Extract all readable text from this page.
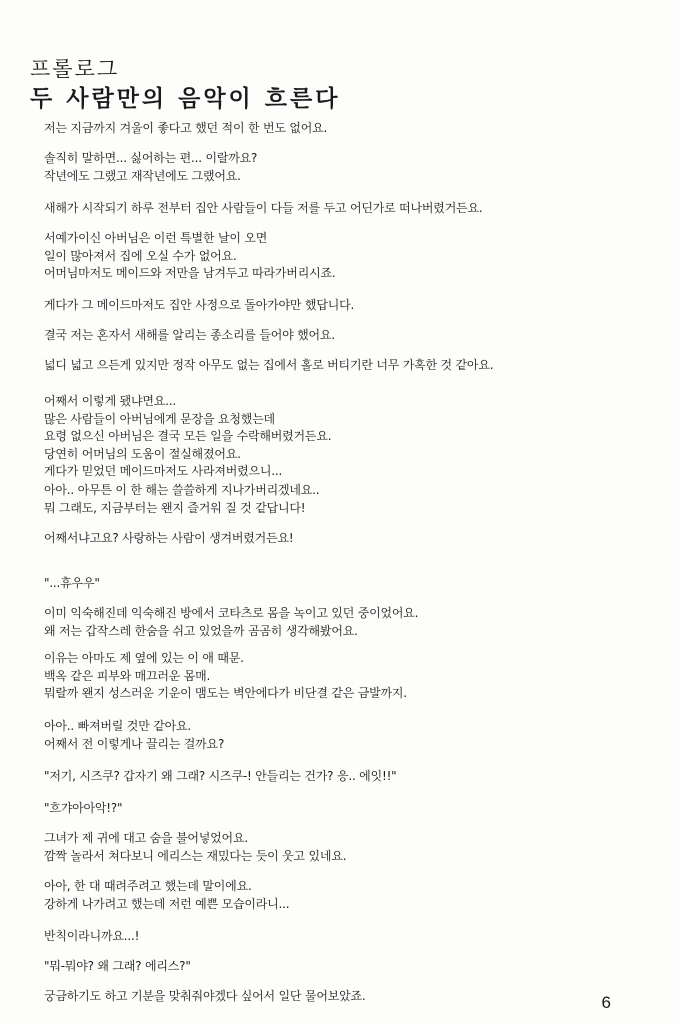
프롤로그
두 사람만의 음악이 흐른다
저는 지금까지 겨울이 좋다고 했던 적이 한 번도 없어요.
솔직히 말하면... 싫어하는 편... 이랄까요?
작년에도 그랬고 재작년에도 그랬어요.
새해가 시작되기 하루 전부터 집안 사람들이 다들 저를 두고 어딘가로 떠나버렸거든요.
서예가이신 아버님은 이런 특별한 날이 오면
일이 많아져서 집에 오실 수가 없어요.
어머님마저도 메이드와 저만을 남겨두고 따라가버리시죠.
게다가 그 메이드마저도 집안 사정으로 돌아가야만 했답니다.
결국 저는 혼자서 새해를 알리는 종소리를 들어야 했어요.
넓디 넓고 으든게 있지만 정작 아무도 없는 집에서 홀로 버티기란 너무 가혹한 것 같아요.
어째서 이렇게 됐냐면요...
많은 사람들이 아버님에게 문장을 요청했는데
요령 없으신 아버님은 결국 모든 일을 수락해버렸거든요.
당연히 어머님의 도움이 절실해졌어요.
게다가 믿었던 메이드마저도 사라져버렸으니...
아아.. 아무튼 이 한 해는 쓸쓸하게 지나가버리겠네요..
뭐 그래도, 지금부터는 왠지 즐거워 질 것 같답니다!
어째서냐고요? 사랑하는 사람이 생겨버렸거든요!
"...휴우우"
이미 익숙해진데 익숙해진 방에서 코타츠로 몸을 녹이고 있던 중이었어요.
왜 저는 갑작스레 한숨을 쉬고 있었을까 곰곰히 생각해봤어요.
이유는 아마도 제 옆에 있는 이 애 때문.
백옥 같은 피부와 매끄러운 몸매.
뭐랄까 왠지 성스러운 기운이 맴도는 벽안에다가 비단결 같은 금발까지.
아아.. 빠져버릴 것만 같아요.
어째서 전 이렇게나 끌리는 걸까요?
"저기, 시즈쿠? 갑자기 왜 그래? 시즈쿠-! 안들리는 건가? 응.. 에잇!!"
"흐갸아아악!?"
그녀가 제 귀에 대고 숨을 불어넣었어요.
깜짝 놀라서 쳐다보니 에리스는 재밌다는 듯이 웃고 있네요.
아아, 한 대 때려주려고 했는데 말이에요.
강하게 나가려고 했는데 저런 예쁜 모습이라니...
반칙이라니까요...!
"뭐-뭐야? 왜 그래? 에리스?"
궁금하기도 하고 기분을 맞춰줘야겠다 싶어서 일단 물어보았죠.	6
